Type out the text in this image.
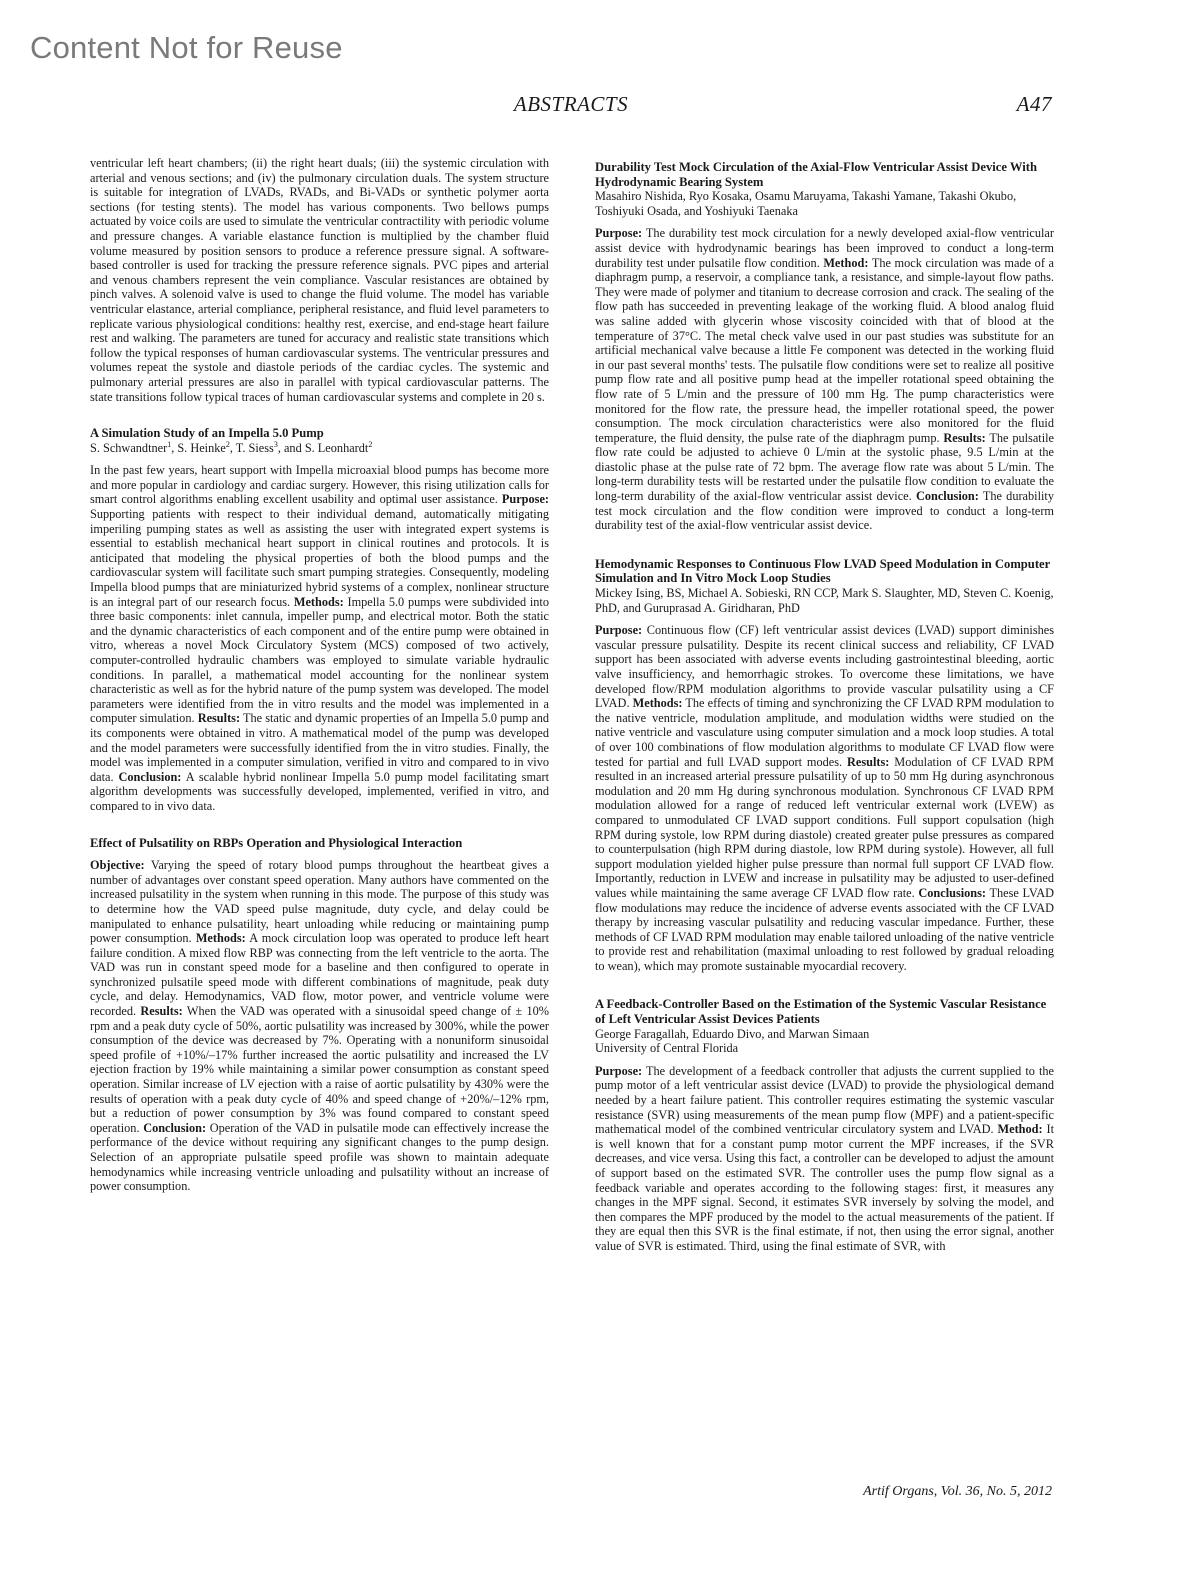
Content Not for Reuse
ABSTRACTS	A47

ventricular left heart chambers; (ii) the right heart duals; (iii) the systemic circulation with arterial and venous sections; and (iv) the pulmonary circulation duals. The system structure is suitable for integration of LVADs, RVADs, and Bi-VADs or synthetic polymer aorta sections (for testing stents). The model has various components. Two bellows pumps actuated by voice coils are used to simulate the ventricular contractility with periodic volume and pressure changes. A variable elastance function is multiplied by the chamber fluid volume measured by position sensors to produce a reference pressure signal. A software-based controller is used for tracking the pressure reference signals. PVC pipes and arterial and venous chambers represent the vein compliance. Vascular resistances are obtained by pinch valves. A solenoid valve is used to change the fluid volume. The model has variable ventricular elastance, arterial compliance, peripheral resistance, and fluid level parameters to replicate various physiological conditions: healthy rest, exercise, and end-stage heart failure rest and walking. The parameters are tuned for accuracy and realistic state transitions which follow the typical responses of human cardiovascular systems. The ventricular pressures and volumes repeat the systole and diastole periods of the cardiac cycles. The systemic and pulmonary arterial pressures are also in parallel with typical cardiovascular patterns. The state transitions follow typical traces of human cardiovascular systems and complete in 20 s.

A Simulation Study of an Impella 5.0 Pump

S. Schwandtner$^1$, S. Heinke$^2$, T. Siess$^3$, and S. Leonhardt$^2$

In the past few years, heart support with Impella microaxial blood pumps has become more and more popular in cardiology and cardiac surgery. However, this rising utilization calls for smart control algorithms enabling excellent usability and optimal user assistance. Purpose: Supporting patients with respect to their individual demand, automatically mitigating imperiling pumping states as well as assisting the user with integrated expert systems is essential to establish mechanical heart support in clinical routines and protocols. It is anticipated that modeling the physical properties of both the blood pumps and the cardiovascular system will facilitate such smart pumping strategies. Consequently, modeling Impella blood pumps that are miniaturized hybrid systems of a complex, nonlinear structure is an integral part of our research focus. Methods: Impella 5.0 pumps were subdivided into three basic components: inlet cannula, impeller pump, and electrical motor. Both the static and the dynamic characteristics of each component and of the entire pump were obtained in vitro, whereas a novel Mock Circulatory System (MCS) composed of two actively, computer-controlled hydraulic chambers was employed to simulate variable hydraulic conditions. In parallel, a mathematical model accounting for the nonlinear system characteristic as well as for the hybrid nature of the pump system was developed. The model parameters were identified from the in vitro results and the model was implemented in a computer simulation. Results: The static and dynamic properties of an Impella 5.0 pump and its components were obtained in vitro. A mathematical model of the pump was developed and the model parameters were successfully identified from the in vitro studies. Finally, the model was implemented in a computer simulation, verified in vitro and compared to in vivo data. Conclusion: A scalable hybrid nonlinear Impella 5.0 pump model facilitating smart algorithm developments was successfully developed, implemented, verified in vitro, and compared to in vivo data.

Effect of Pulsatility on RBPs Operation and Physiological Interaction

Objective: Varying the speed of rotary blood pumps throughout the heartbeat gives a number of advantages over constant speed operation. Many authors have commented on the increased pulsatility in the system when running in this mode. The purpose of this study was to determine how the VAD speed pulse magnitude, duty cycle, and delay could be manipulated to enhance pulsatility, heart unloading while reducing or maintaining pump power consumption. Methods: A mock circulation loop was operated to produce left heart failure condition. A mixed flow RBP was connecting from the left ventricle to the aorta. The VAD was run in constant speed mode for a baseline and then configured to operate in synchronized pulsatile speed mode with different combinations of magnitude, peak duty cycle, and delay. Hemodynamics, VAD flow, motor power, and ventricle volume were recorded. Results: When the VAD was operated with a sinusoidal speed change of ± 10% rpm and a peak duty cycle of 50%, aortic pulsatility was increased by 300%, while the power consumption of the device was decreased by 7%. Operating with a nonuniform sinusoidal speed profile of +10%/–17% further increased the aortic pulsatility and increased the LV ejection fraction by 19% while maintaining a similar power consumption as constant speed operation. Similar increase of LV ejection with a raise of aortic pulsatility by 430% were the results of operation with a peak duty cycle of 40% and speed change of +20%/–12% rpm, but a reduction of power consumption by 3% was found compared to constant speed operation. Conclusion: Operation of the VAD in pulsatile mode can effectively increase the performance of the device without requiring any significant changes to the pump design. Selection of an appropriate pulsatile speed profile was shown to maintain adequate hemodynamics while increasing ventricle unloading and pulsatility without an increase of power consumption.

Durability Test Mock Circulation of the Axial-Flow Ventricular Assist Device With Hydrodynamic Bearing System

Masahiro Nishida, Ryo Kosaka, Osamu Maruyama, Takashi Yamane, Takashi Okubo, Toshiyuki Osada, and Yoshiyuki Taenaka

Purpose: The durability test mock circulation for a newly developed axial-flow ventricular assist device with hydrodynamic bearings has been improved to conduct a long-term durability test under pulsatile flow condition. Method: The mock circulation was made of a diaphragm pump, a reservoir, a compliance tank, a resistance, and simple-layout flow paths. They were made of polymer and titanium to decrease corrosion and crack. The sealing of the flow path has succeeded in preventing leakage of the working fluid. A blood analog fluid was saline added with glycerin whose viscosity coincided with that of blood at the temperature of 37°C. The metal check valve used in our past studies was substitute for an artificial mechanical valve because a little Fe component was detected in the working fluid in our past several months' tests. The pulsatile flow conditions were set to realize all positive pump flow rate and all positive pump head at the impeller rotational speed obtaining the flow rate of 5 L/min and the pressure of 100 mm Hg. The pump characteristics were monitored for the flow rate, the pressure head, the impeller rotational speed, the power consumption. The mock circulation characteristics were also monitored for the fluid temperature, the fluid density, the pulse rate of the diaphragm pump. Results: The pulsatile flow rate could be adjusted to achieve 0 L/min at the systolic phase, 9.5 L/min at the diastolic phase at the pulse rate of 72 bpm. The average flow rate was about 5 L/min. The long-term durability tests will be restarted under the pulsatile flow condition to evaluate the long-term durability of the axial-flow ventricular assist device. Conclusion: The durability test mock circulation and the flow condition were improved to conduct a long-term durability test of the axial-flow ventricular assist device.

Hemodynamic Responses to Continuous Flow LVAD Speed Modulation in Computer Simulation and In Vitro Mock Loop Studies

Mickey Ising, BS, Michael A. Sobieski, RN CCP, Mark S. Slaughter, MD, Steven C. Koenig, PhD, and Guruprasad A. Giridharan, PhD

Purpose: Continuous flow (CF) left ventricular assist devices (LVAD) support diminishes vascular pressure pulsatility. Despite its recent clinical success and reliability, CF LVAD support has been associated with adverse events including gastrointestinal bleeding, aortic valve insufficiency, and hemorrhagic strokes. To overcome these limitations, we have developed flow/RPM modulation algorithms to provide vascular pulsatility using a CF LVAD. Methods: The effects of timing and synchronizing the CF LVAD RPM modulation to the native ventricle, modulation amplitude, and modulation widths were studied on the native ventricle and vasculature using computer simulation and a mock loop studies. A total of over 100 combinations of flow modulation algorithms to modulate CF LVAD flow were tested for partial and full LVAD support modes. Results: Modulation of CF LVAD RPM resulted in an increased arterial pressure pulsatility of up to 50 mm Hg during asynchronous modulation and 20 mm Hg during synchronous modulation. Synchronous CF LVAD RPM modulation allowed for a range of reduced left ventricular external work (LVEW) as compared to unmodulated CF LVAD support conditions. Full support copulsation (high RPM during systole, low RPM during diastole) created greater pulse pressures as compared to counterpulsation (high RPM during diastole, low RPM during systole). However, all full support modulation yielded higher pulse pressure than normal full support CF LVAD flow. Importantly, reduction in LVEW and increase in pulsatility may be adjusted to user-defined values while maintaining the same average CF LVAD flow rate. Conclusions: These LVAD flow modulations may reduce the incidence of adverse events associated with the CF LVAD therapy by increasing vascular pulsatility and reducing vascular impedance. Further, these methods of CF LVAD RPM modulation may enable tailored unloading of the native ventricle to provide rest and rehabilitation (maximal unloading to rest followed by gradual reloading to wean), which may promote sustainable myocardial recovery.

A Feedback-Controller Based on the Estimation of the Systemic Vascular Resistance of Left Ventricular Assist Devices Patients

George Faragallah, Eduardo Divo, and Marwan Simaan

University of Central Florida

Purpose: The development of a feedback controller that adjusts the current supplied to the pump motor of a left ventricular assist device (LVAD) to provide the physiological demand needed by a heart failure patient. This controller requires estimating the systemic vascular resistance (SVR) using measurements of the mean pump flow (MPF) and a patient-specific mathematical model of the combined ventricular circulatory system and LVAD. Method: It is well known that for a constant pump motor current the MPF increases, if the SVR decreases, and vice versa. Using this fact, a controller can be developed to adjust the amount of support based on the estimated SVR. The controller uses the pump flow signal as a feedback variable and operates according to the following stages: first, it measures any changes in the MPF signal. Second, it estimates SVR inversely by solving the model, and then compares the MPF produced by the model to the actual measurements of the patient. If they are equal then this SVR is the final estimate, if not, then using the error signal, another value of SVR is estimated. Third, using the final estimate of SVR, with

Artif Organs, Vol. 36, No. 5, 2012
